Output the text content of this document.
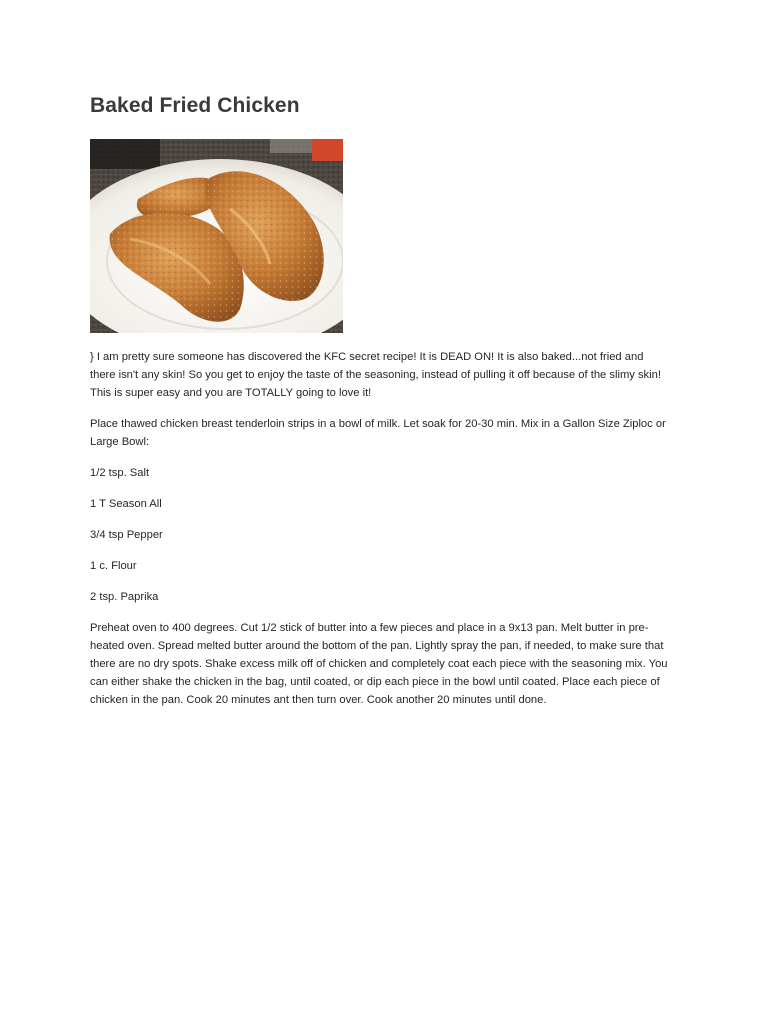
Baked Fried Chicken

} I am pretty sure someone has discovered the KFC secret recipe! It is DEAD ON! It is also baked...not fried and there isn't any skin! So you get to enjoy the taste of the seasoning, instead of pulling it off because of the slimy skin! This is super easy and you are TOTALLY going to love it!

Place thawed chicken breast tenderloin strips in a bowl of milk. Let soak for 20-30 min. Mix in a Gallon Size Ziploc or Large Bowl:

1/2 tsp. Salt

1 T Season All

3/4 tsp Pepper

1 c. Flour

2 tsp. Paprika

Preheat oven to 400 degrees. Cut 1/2 stick of butter into a few pieces and place in a 9x13 pan. Melt butter in pre-heated oven. Spread melted butter around the bottom of the pan. Lightly spray the pan, if needed, to make sure that there are no dry spots. Shake excess milk off of chicken and completely coat each piece with the seasoning mix. You can either shake the chicken in the bag, until coated, or dip each piece in the bowl until coated. Place each piece of chicken in the pan. Cook 20 minutes ant then turn over. Cook another 20 minutes until done.
